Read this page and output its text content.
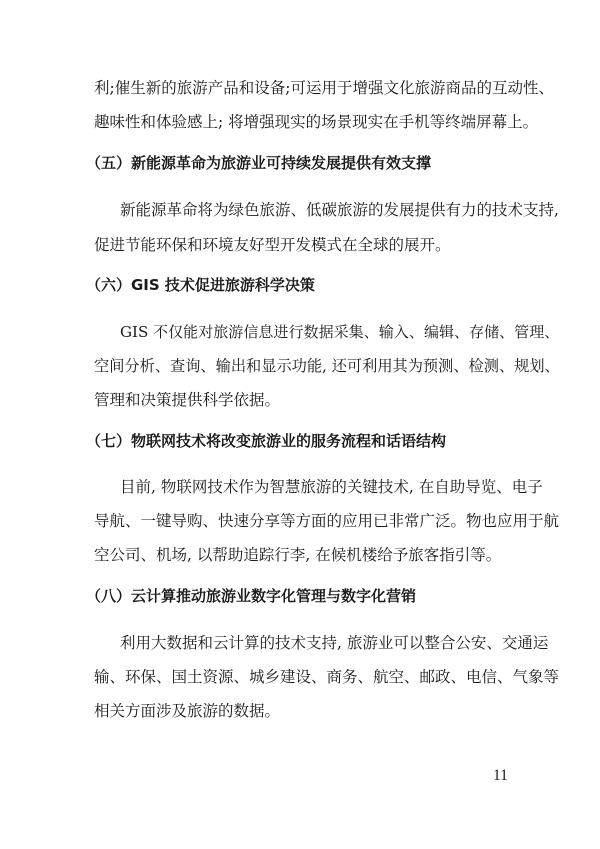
利;催生新的旅游产品和设备;可运用于增强文化旅游商品的互动性、

趣味性和体验感上; 将增强现实的场景现实在手机等终端屏幕上。

（五）新能源革命为旅游业可持续发展提供有效支撑

新能源革命将为绿色旅游、低碳旅游的发展提供有力的技术支持,

促进节能环保和环境友好型开发模式在全球的展开。

（六）GIS 技术促进旅游科学决策

GIS 不仅能对旅游信息进行数据采集、输入、编辑、存储、管理、

空间分析、查询、输出和显示功能, 还可利用其为预测、检测、规划、

管理和决策提供科学依据。

（七）物联网技术将改变旅游业的服务流程和话语结构

目前, 物联网技术作为智慧旅游的关键技术, 在自助导览、电子

导航、一键导购、快速分享等方面的应用已非常广泛。物也应用于航

空公司、机场, 以帮助追踪行李, 在候机楼给予旅客指引等。

（八）云计算推动旅游业数字化管理与数字化营销

利用大数据和云计算的技术支持, 旅游业可以整合公安、交通运

输、环保、国土资源、城乡建设、商务、航空、邮政、电信、气象等

相关方面涉及旅游的数据。

11
